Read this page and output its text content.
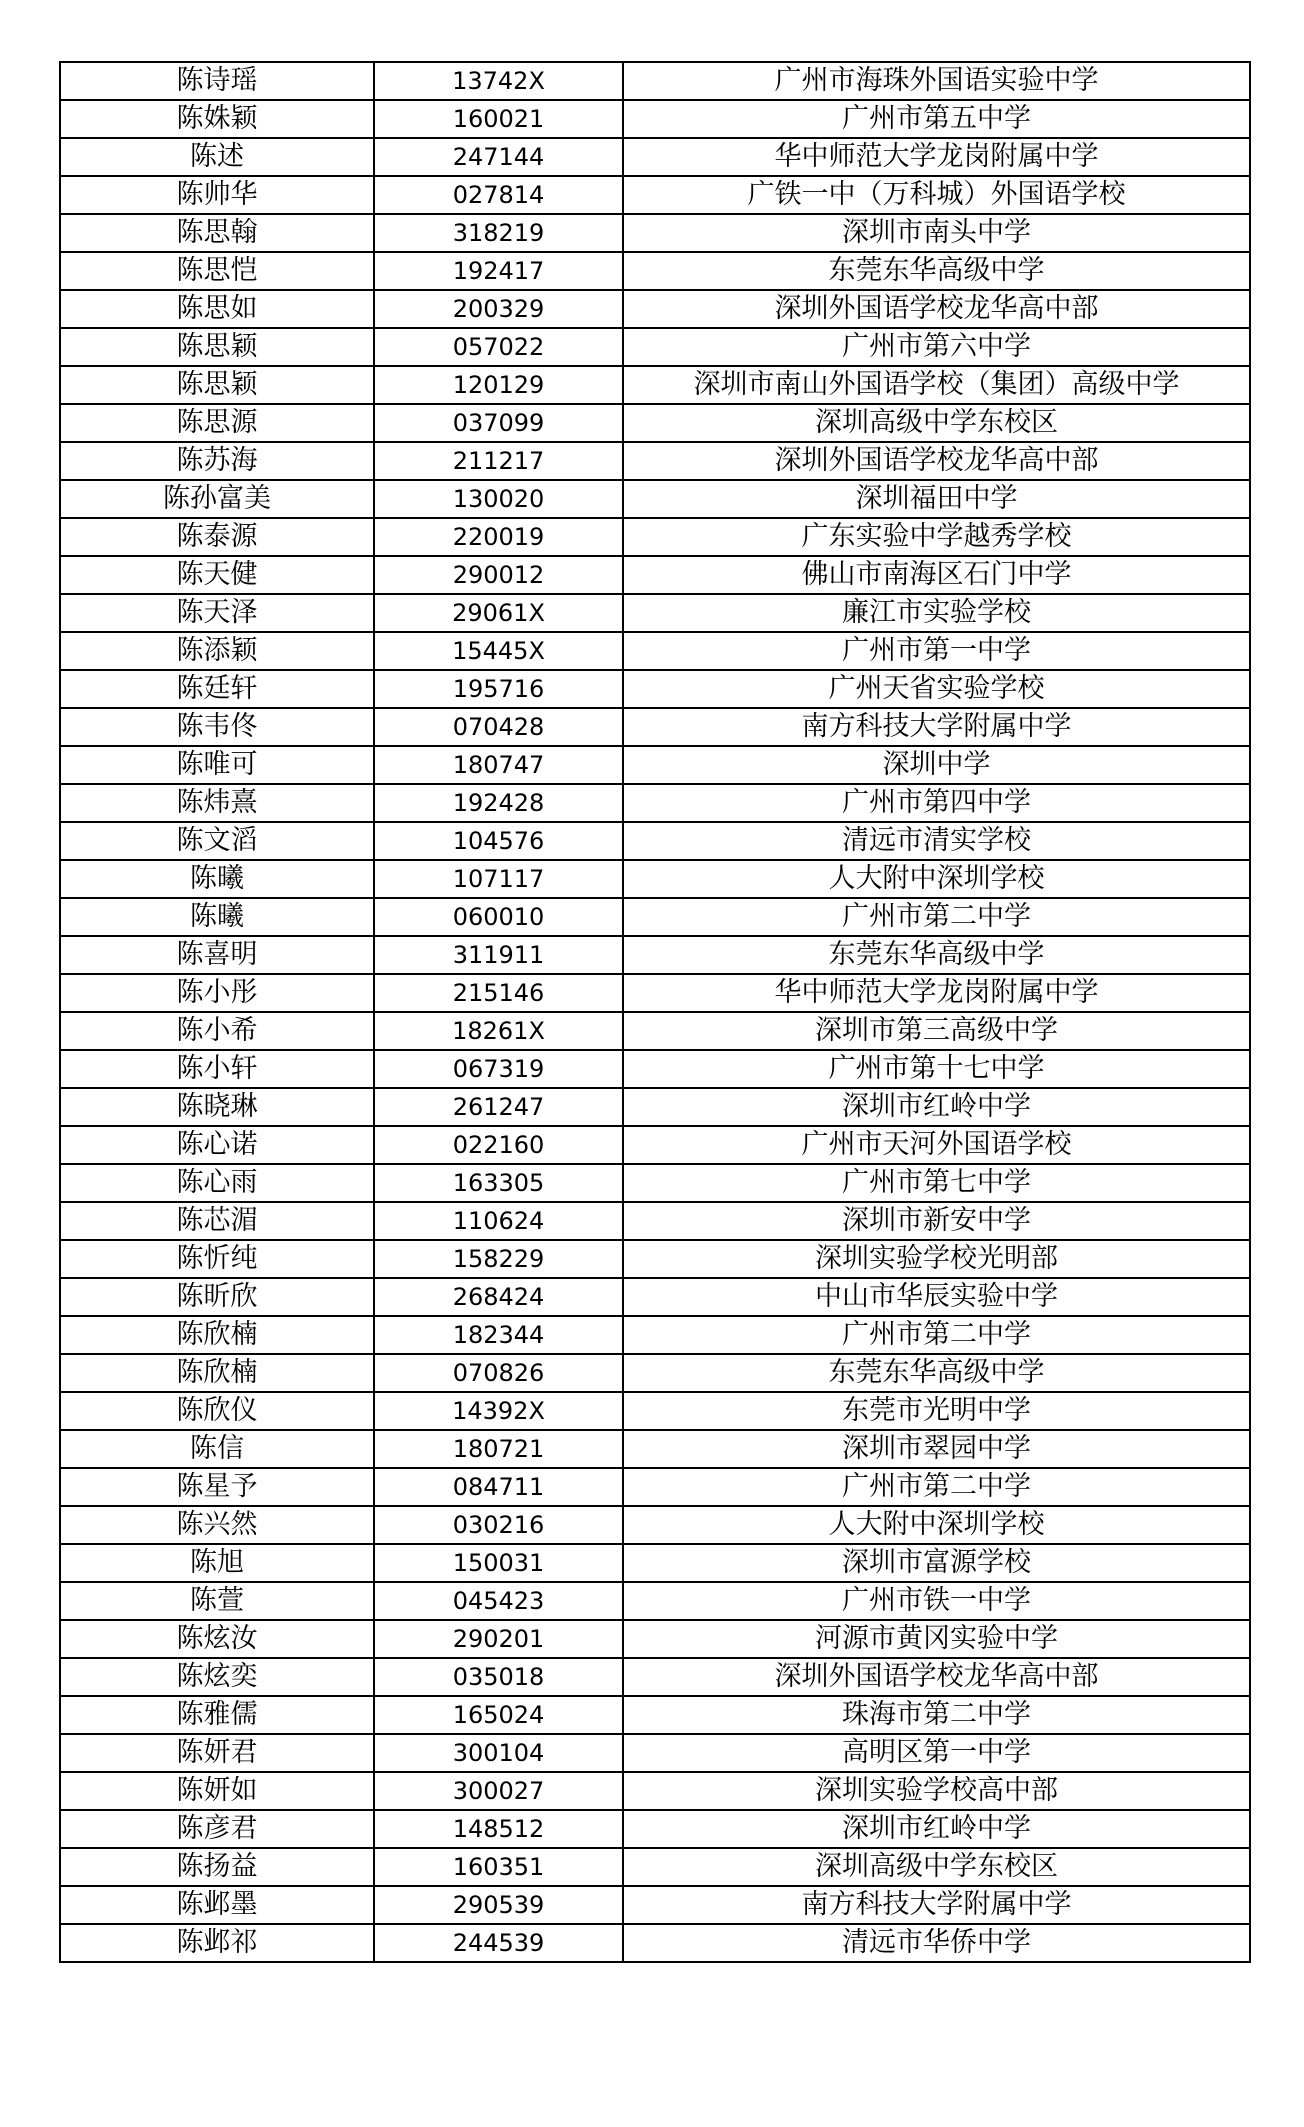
陈诗瑶	13742X	广州市海珠外国语实验中学
陈姝颖	160021	广州市第五中学
陈述	247144	华中师范大学龙岗附属中学
陈帅华	027814	广铁一中（万科城）外国语学校
陈思翰	318219	深圳市南头中学
陈思恺	192417	东莞东华高级中学
陈思如	200329	深圳外国语学校龙华高中部
陈思颖	057022	广州市第六中学
陈思颖	120129	深圳市南山外国语学校（集团）高级中学
陈思源	037099	深圳高级中学东校区
陈苏海	211217	深圳外国语学校龙华高中部
陈孙富美	130020	深圳福田中学
陈泰源	220019	广东实验中学越秀学校
陈天健	290012	佛山市南海区石门中学
陈天泽	29061X	廉江市实验学校
陈添颖	15445X	广州市第一中学
陈廷轩	195716	广州天省实验学校
陈韦佟	070428	南方科技大学附属中学
陈唯可	180747	深圳中学
陈炜熹	192428	广州市第四中学
陈文滔	104576	清远市清实学校
陈曦	107117	人大附中深圳学校
陈曦	060010	广州市第二中学
陈喜明	311911	东莞东华高级中学
陈小彤	215146	华中师范大学龙岗附属中学
陈小希	18261X	深圳市第三高级中学
陈小轩	067319	广州市第十七中学
陈晓琳	261247	深圳市红岭中学
陈心诺	022160	广州市天河外国语学校
陈心雨	163305	广州市第七中学
陈芯湄	110624	深圳市新安中学
陈忻纯	158229	深圳实验学校光明部
陈昕欣	268424	中山市华辰实验中学
陈欣楠	182344	广州市第二中学
陈欣楠	070826	东莞东华高级中学
陈欣仪	14392X	东莞市光明中学
陈信	180721	深圳市翠园中学
陈星予	084711	广州市第二中学
陈兴然	030216	人大附中深圳学校
陈旭	150031	深圳市富源学校
陈萱	045423	广州市铁一中学
陈炫汝	290201	河源市黄冈实验中学
陈炫奕	035018	深圳外国语学校龙华高中部
陈雅儒	165024	珠海市第二中学
陈妍君	300104	高明区第一中学
陈妍如	300027	深圳实验学校高中部
陈彦君	148512	深圳市红岭中学
陈扬益	160351	深圳高级中学东校区
陈邺墨	290539	南方科技大学附属中学
陈邺祁	244539	清远市华侨中学
